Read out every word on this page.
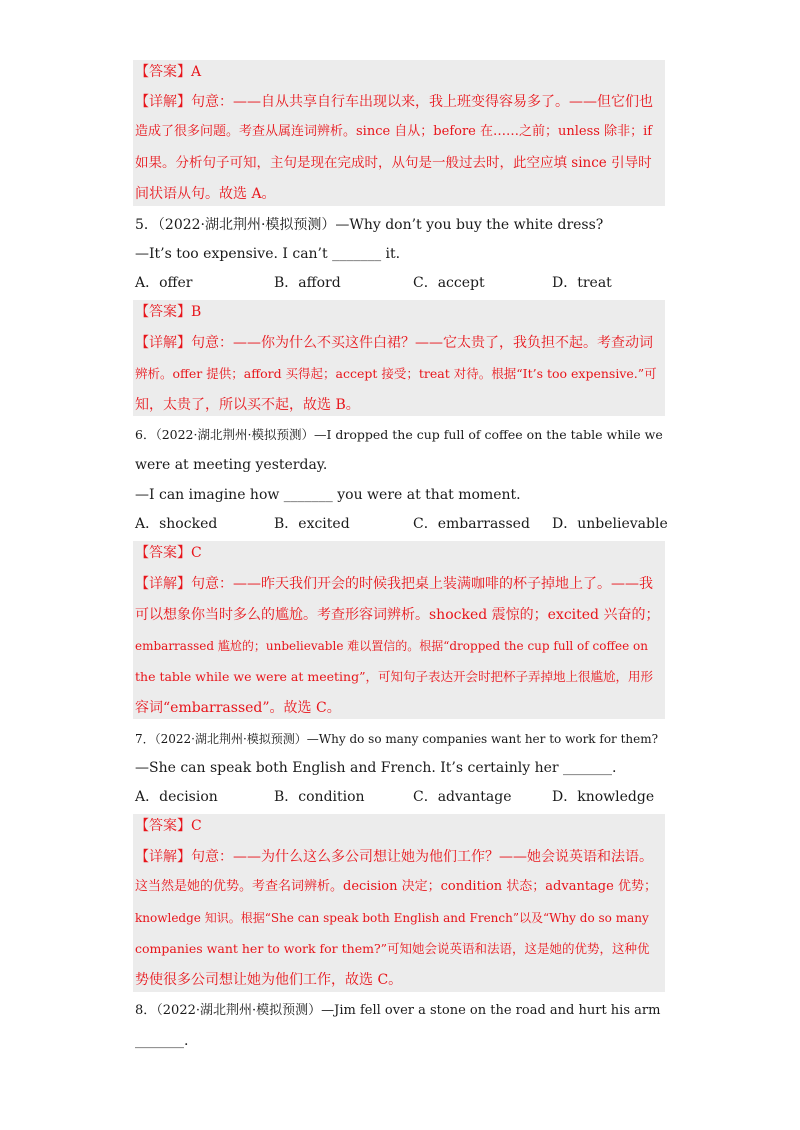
【答案】A
【详解】句意：——自从共享自行车出现以来，我上班变得容易多了。——但它们也
造成了很多问题。考查从属连词辨析。since 自从；before 在……之前；unless 除非；if
如果。分析句子可知，主句是现在完成时，从句是一般过去时，此空应填 since 引导时
间状语从句。故选 A。
5．（2022·湖北荆州·模拟预测）—Why don’t you buy the white dress?
—It’s too expensive. I can’t _______ it.
A．offer	B．afford	C．accept	D．treat
【答案】B
【详解】句意：——你为什么不买这件白裙？——它太贵了，我负担不起。考查动词
辨析。offer 提供；afford 买得起；accept 接受；treat 对待。根据“It’s too expensive.”可
知，太贵了，所以买不起，故选 B。
6．（2022·湖北荆州·模拟预测）—I dropped the cup full of coffee on the table while we
were at meeting yesterday.
—I can imagine how _______ you were at that moment.
A．shocked	B．excited	C．embarrassed D．unbelievable
【答案】C
【详解】句意：——昨天我们开会的时候我把桌上装满咖啡的杯子掉地上了。——我
可以想象你当时多么的尴尬。考查形容词辨析。shocked 震惊的；excited 兴奋的；
embarrassed 尴尬的；unbelievable 难以置信的。根据“dropped the cup full of coffee on
the table while we were at meeting”，可知句子表达开会时把杯子弄掉地上很尴尬，用形
容词“embarrassed”。故选 C。
7．（2022·湖北荆州·模拟预测）—Why do so many companies want her to work for them?
—She can speak both English and French. It’s certainly her _______.
A．decision	B．condition	C．advantage	D．knowledge
【答案】C
【详解】句意：——为什么这么多公司想让她为他们工作？——她会说英语和法语。
这当然是她的优势。考查名词辨析。decision 决定；condition 状态；advantage 优势；
knowledge 知识。根据“She can speak both English and French”以及“Why do so many
companies want her to work for them?”可知她会说英语和法语，这是她的优势，这种优
势使很多公司想让她为他们工作，故选 C。
8．（2022·湖北荆州·模拟预测）—Jim fell over a stone on the road and hurt his arm
_______.
